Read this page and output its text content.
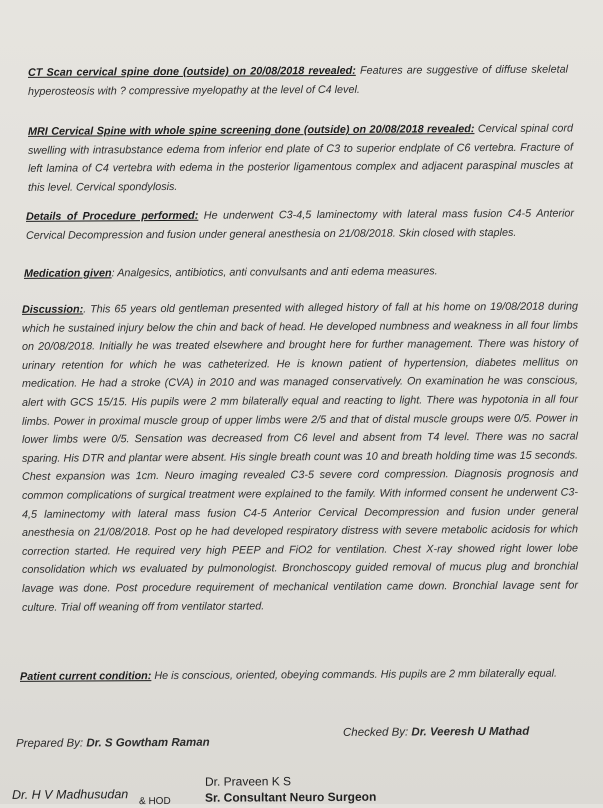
CT Scan cervical spine done (outside) on 20/08/2018 revealed: Features are suggestive of diffuse skeletal hyperosteosis with ? compressive myelopathy at the level of C4 level.
MRI Cervical Spine with whole spine screening done (outside) on 20/08/2018 revealed: Cervical spinal cord swelling with intrasubstance edema from inferior end plate of C3 to superior endplate of C6 vertebra. Fracture of left lamina of C4 vertebra with edema in the posterior ligamentous complex and adjacent paraspinal muscles at this level. Cervical spondylosis.
Details of Procedure performed: He underwent C3-4,5 laminectomy with lateral mass fusion C4-5 Anterior Cervical Decompression and fusion under general anesthesia on 21/08/2018. Skin closed with staples.
Medication given: Analgesics, antibiotics, anti convulsants and anti edema measures.
Discussion:. This 65 years old gentleman presented with alleged history of fall at his home on 19/08/2018 during which he sustained injury below the chin and back of head. He developed numbness and weakness in all four limbs on 20/08/2018. Initially he was treated elsewhere and brought here for further management. There was history of urinary retention for which he was catheterized. He is known patient of hypertension, diabetes mellitus on medication. He had a stroke (CVA) in 2010 and was managed conservatively. On examination he was conscious, alert with GCS 15/15. His pupils were 2 mm bilaterally equal and reacting to light. There was hypotonia in all four limbs. Power in proximal muscle group of upper limbs were 2/5 and that of distal muscle groups were 0/5. Power in lower limbs were 0/5. Sensation was decreased from C6 level and absent from T4 level. There was no sacral sparing. His DTR and plantar were absent. His single breath count was 10 and breath holding time was 15 seconds. Chest expansion was 1cm. Neuro imaging revealed C3-5 severe cord compression. Diagnosis prognosis and common complications of surgical treatment were explained to the family. With informed consent he underwent C3-4,5 laminectomy with lateral mass fusion C4-5 Anterior Cervical Decompression and fusion under general anesthesia on 21/08/2018. Post op he had developed respiratory distress with severe metabolic acidosis for which correction started. He required very high PEEP and FiO2 for ventilation. Chest X-ray showed right lower lobe consolidation which ws evaluated by pulmonologist. Bronchoscopy guided removal of mucus plug and bronchial lavage was done. Post procedure requirement of mechanical ventilation came down. Bronchial lavage sent for culture. Trial off weaning off from ventilator started.
Patient current condition: He is conscious, oriented, obeying commands. His pupils are 2 mm bilaterally equal.
Prepared By: Dr. S Gowtham Raman
Checked By: Dr. Veeresh U Mathad
Dr. H V Madhusudan & HOD
Dr. Praveen K S
Sr. Consultant Neuro Surgeon
